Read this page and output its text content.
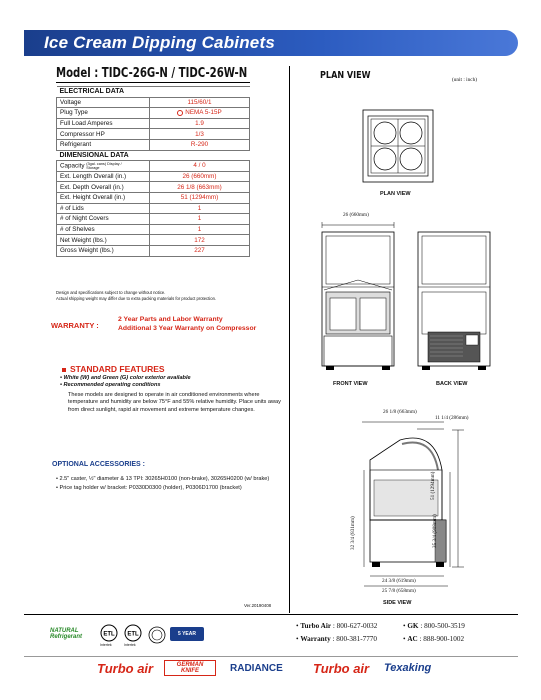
Ice Cream Dipping Cabinets
Model : TIDC-26G-N / TIDC-26W-N
ELECTRICAL DATA	
Voltage	115/60/1
Plug Type	NEMA 5-15P
Full Load Amperes	1.9
Compressor HP	1/3
Refrigerant	R-290
DIMENSIONAL DATA	
Capacity (3gal. cans) Display / Storage	4 / 0
Ext. Length Overall (in.)	26 (660mm)
Ext. Depth Overall (in.)	26 1/8 (663mm)
Ext. Height Overall (in.)	51 (1294mm)
# of Lids	1
# of Night Covers	1
# of Shelves	1
Net Weight (lbs.)	172
Gross Weight (lbs.)	227
Design and specifications subject to change without notice.
Actual shipping weight may differ due to extra packing materials for product protection.
WARRANTY :
2 Year Parts and Labor Warranty
Additional 3 Year Warranty on Compressor
STANDARD FEATURES
• White (W) and Green (G) color exterior available
• Recommended operating conditions
These models are designed to operate in air conditioned environments where temperature and humidity are below 75°F and 55% relative humidity. Place units away from direct sunlight, rapid air movement and extreme temperature changes.
OPTIONAL ACCESSORIES :
• 2.5" caster, ½" diameter & 13 TPI: 30265H0100 (non-brake), 30265H0200 (w/ brake)
• Price tag holder w/ bracket: P0330D0300 (holder), P0306D1700 (bracket)
Ver.20190408
PLAN VIEW	(unit : inch)
PLAN VIEW
26 (660mm)
FRONT VIEW	BACK VIEW
26 1/8 (663mm)
11 1/4 (286mm)
51 (1294mm)
35 3/4 (908mm)
32 3/4 (831mm)
24 3/8 (619mm)
25 7/8 (658mm)
SIDE VIEW
NATURAL
Refrigerant	ETL
Intertek
ETL
Intertek
5 YEAR
• Turbo Air : 800-627-0032
• Warranty : 800-381-7770
• GK : 800-500-3519
• AC : 888-900-1002
Turbo air	GERMAN KNIFE	RADIANCE Turbo air Texaking
